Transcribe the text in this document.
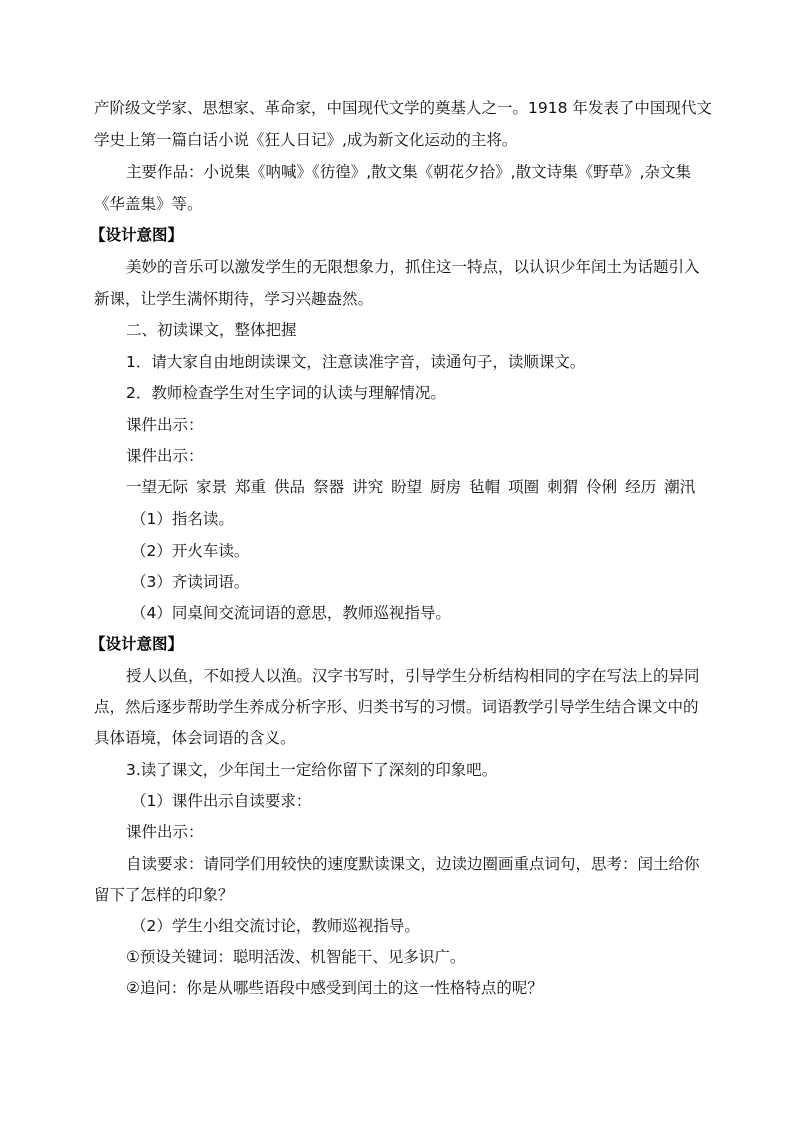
产阶级文学家、思想家、革命家，中国现代文学的奠基人之一。1918 年发表了中国现代文
学史上第一篇白话小说《狂人日记》,成为新文化运动的主将。
主要作品：小说集《呐喊》《彷徨》,散文集《朝花夕拾》,散文诗集《野草》,杂文集
《华盖集》等。
【设计意图】
美妙的音乐可以激发学生的无限想象力，抓住这一特点，以认识少年闰土为话题引入
新课，让学生满怀期待，学习兴趣盎然。
二、初读课文，整体把握
1．请大家自由地朗读课文，注意读准字音，读通句子，读顺课文。
2．教师检查学生对生字词的认读与理解情况。
课件出示：
课件出示：
一望无际 家景 郑重 供品 祭器 讲究 盼望 厨房 毡帽 项圈 刺猬 伶俐 经历 潮汛
（1）指名读。
（2）开火车读。
（3）齐读词语。
（4）同桌间交流词语的意思，教师巡视指导。
【设计意图】
授人以鱼，不如授人以渔。汉字书写时，引导学生分析结构相同的字在写法上的异同
点，然后逐步帮助学生养成分析字形、归类书写的习惯。词语教学引导学生结合课文中的
具体语境，体会词语的含义。
3.读了课文，少年闰土一定给你留下了深刻的印象吧。
（1）课件出示自读要求：
课件出示：
自读要求：请同学们用较快的速度默读课文，边读边圈画重点词句，思考：闰土给你
留下了怎样的印象？
（2）学生小组交流讨论，教师巡视指导。
①预设关键词：聪明活泼、机智能干、见多识广。
②追问：你是从哪些语段中感受到闰土的这一性格特点的呢？
